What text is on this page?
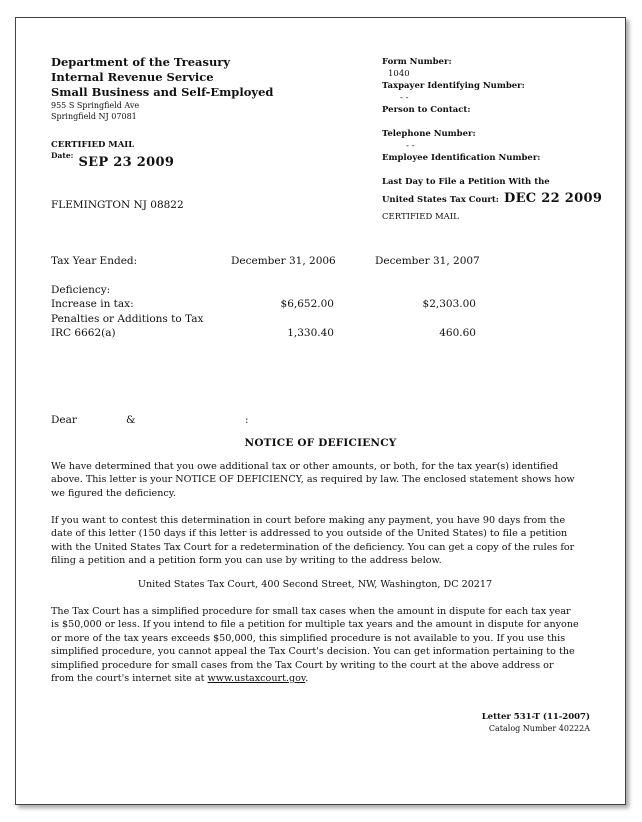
Department of the Treasury
Internal Revenue Service
Small Business and Self-Employed
955 S Springfield Ave
Springfield NJ 07081
CERTIFIED MAIL
$^{Date:}$ SEP 23 2009
FLEMINGTON NJ 08822
Form Number:
1040
Taxpayer Identifying Number:
- -
Person to Contact:
Telephone Number:
- -
Employee Identification Number:
Last Day to File a Petition With the
United States Tax Court: DEC 22 2009
CERTIFIED MAIL
Tax Year Ended:	December 31, 2006	December 31, 2007
Deficiency:
Increase in tax:	$6,652.00	$2,303.00
Penalties or Additions to Tax
IRC 6662(a)	1,330.40	460.60
Dear	&	:
NOTICE OF DEFICIENCY
We have determined that you owe additional tax or other amounts, or both, for the tax year(s) identified above. This letter is your NOTICE OF DEFICIENCY, as required by law. The enclosed statement shows how we figured the deficiency.
If you want to contest this determination in court before making any payment, you have 90 days from the date of this letter (150 days if this letter is addressed to you outside of the United States) to file a petition with the United States Tax Court for a redetermination of the deficiency. You can get a copy of the rules for filing a petition and a petition form you can use by writing to the address below.
United States Tax Court, 400 Second Street, NW, Washington, DC 20217
The Tax Court has a simplified procedure for small tax cases when the amount in dispute for each tax year is $50,000 or less. If you intend to file a petition for multiple tax years and the amount in dispute for anyone or more of the tax years exceeds $50,000, this simplified procedure is not available to you. If you use this simplified procedure, you cannot appeal the Tax Court's decision. You can get information pertaining to the simplified procedure for small cases from the Tax Court by writing to the court at the above address or from the court's internet site at www.ustaxcourt.gov.
Letter 531-T (11-2007)
Catalog Number 40222A
